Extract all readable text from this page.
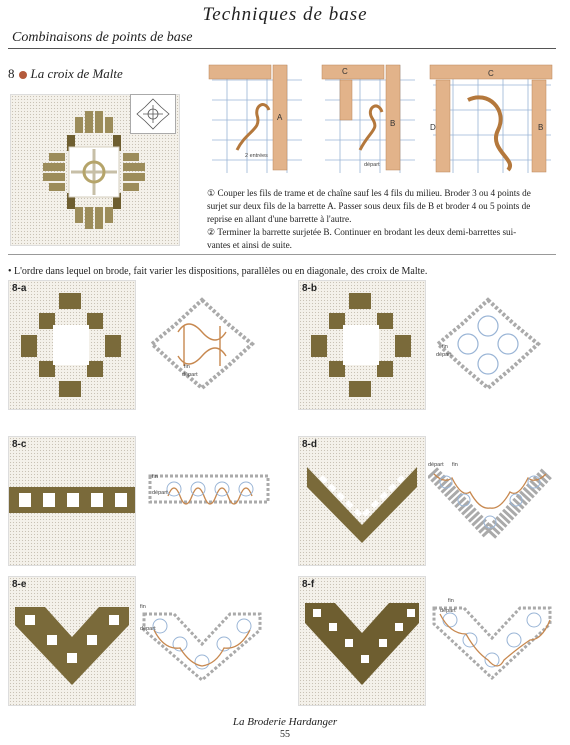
Techniques de base
Combinaisons de points de base
8 La croix de Malte
2 entrées
A
C
B
départ
D
C
B
① Couper les fils de trame et de chaîne sauf les 4 fils du milieu. Broder 3 ou 4 points de
surjet sur deux fils de la barrette A. Passer sous deux fils de B et broder 4 ou 5 points de
reprise en allant d'une barrette à l'autre.
② Terminer la barrette surjetée B. Continuer en brodant les deux demi-barrettes sui-
vantes et ainsi de suite.
• L'ordre dans lequel on brode, fait varier les dispositions, parallèles ou en diagonale, des croix de Malte.
8-a
départ
fin
8-b
fin
départ
8-c
fin
départ
8-d
départ fin
8-e
fin
départ
8-f
fin
départ
La Broderie Hardanger
55
